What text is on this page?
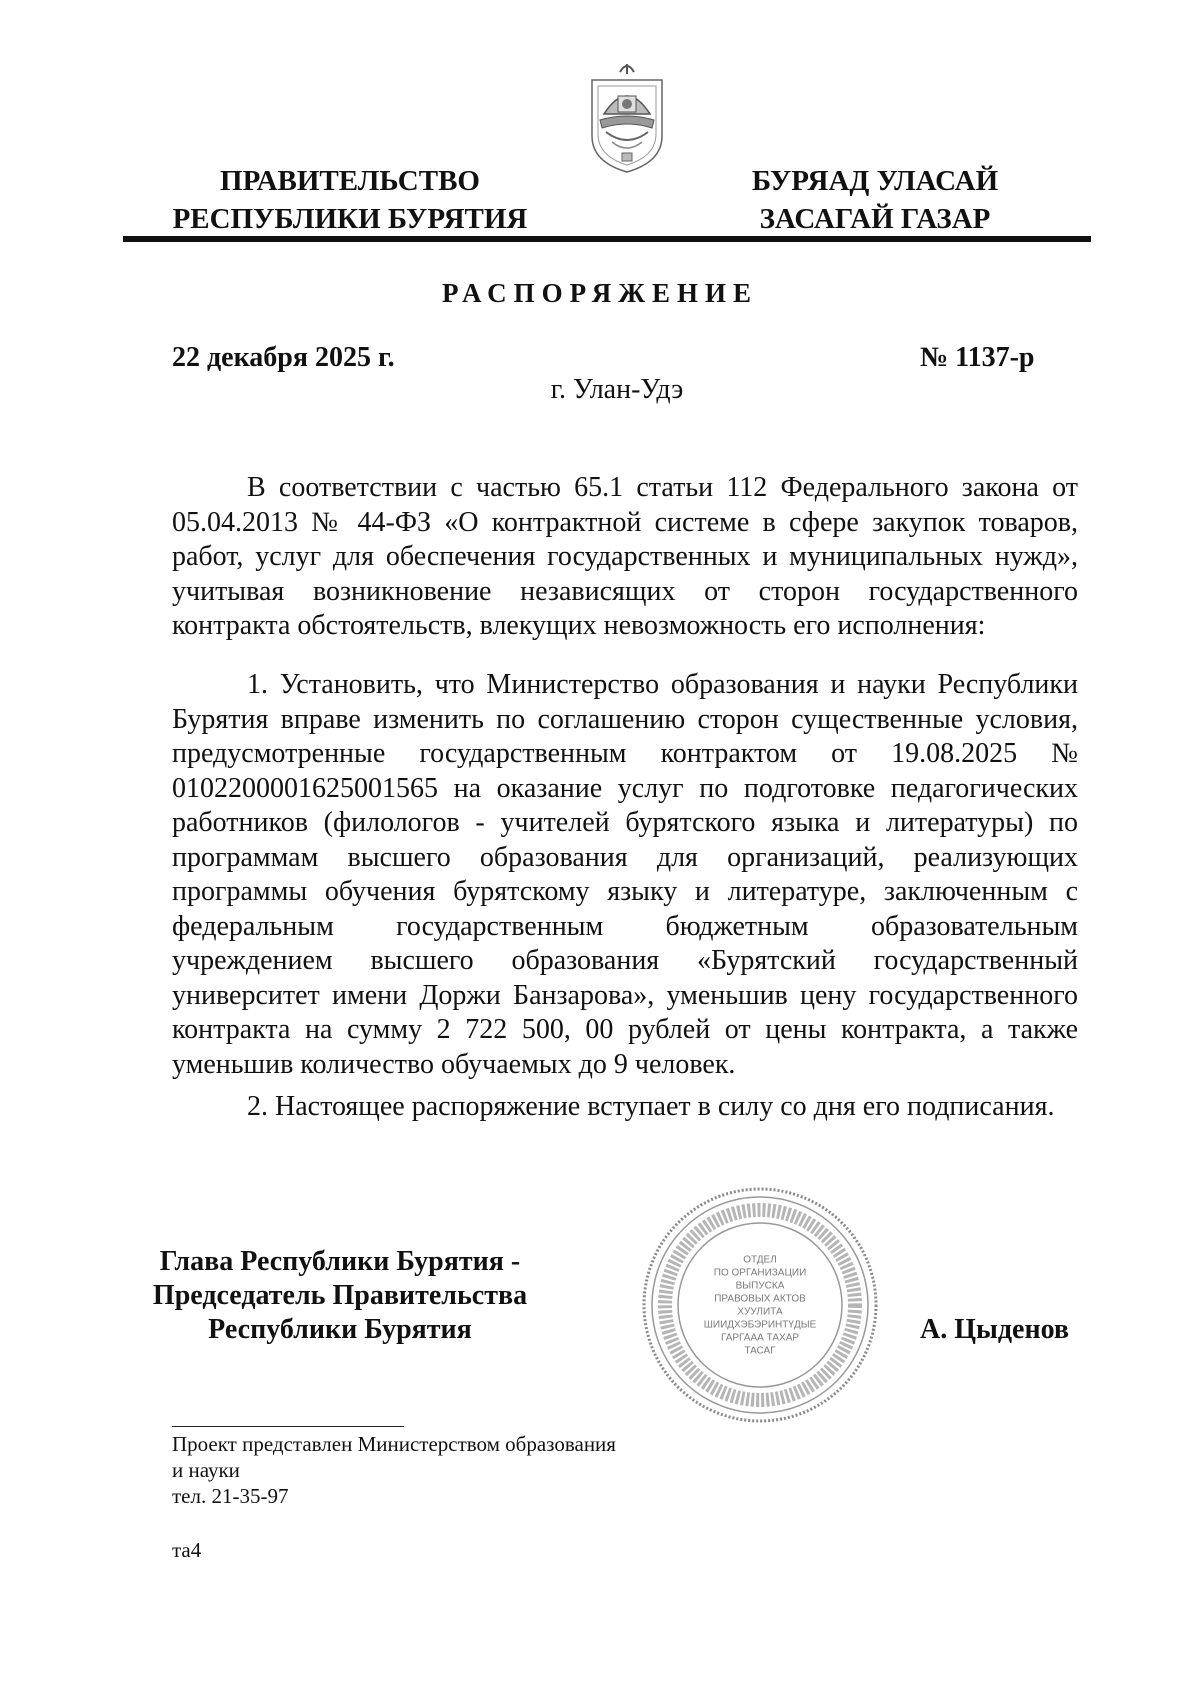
ПРАВИТЕЛЬСТВО
РЕСПУБЛИКИ БУРЯТИЯ
БУРЯАД УЛАСАЙ
ЗАСАГАЙ ГАЗАР
РАСПОРЯЖЕНИЕ
22 декабря 2025 г.	№ 1137-р
г. Улан-Удэ
В соответствии с частью 65.1 статьи 112 Федерального закона от 05.04.2013 № 44-ФЗ «О контрактной системе в сфере закупок товаров, работ, услуг для обеспечения государственных и муниципальных нужд», учитывая возникновение независящих от сторон государственного контракта обстоятельств, влекущих невозможность его исполнения:
1. Установить, что Министерство образования и науки Республики Бурятия вправе изменить по соглашению сторон существенные условия, предусмотренные государственным контрактом от 19.08.2025 № 0102200001625001565 на оказание услуг по подготовке педагогических работников (филологов - учителей бурятского языка и литературы) по программам высшего образования для организаций, реализующих программы обучения бурятскому языку и литературе, заключенным с федеральным государственным бюджетным образовательным учреждением высшего образования «Бурятский государственный университет имени Доржи Банзарова», уменьшив цену государственного контракта на сумму 2 722 500, 00 рублей от цены контракта, а также уменьшив количество обучаемых до 9 человек.
2. Настоящее распоряжение вступает в силу со дня его подписания.
Глава Республики Бурятия -
Председатель Правительства
Республики Бурятия
ОТДЕЛ
ПО ОРГАНИЗАЦИИ
ВЫПУСКА
ПРАВОВЫХ АКТОВ
ХУУЛИТА
ШИИДХЭБЭРИНТҮДЫЕ
ГАРГААА ТАХАР
ТАСАГ
А. Цыденов
Проект представлен Министерством образования
и науки
тел. 21-35-97
та4
